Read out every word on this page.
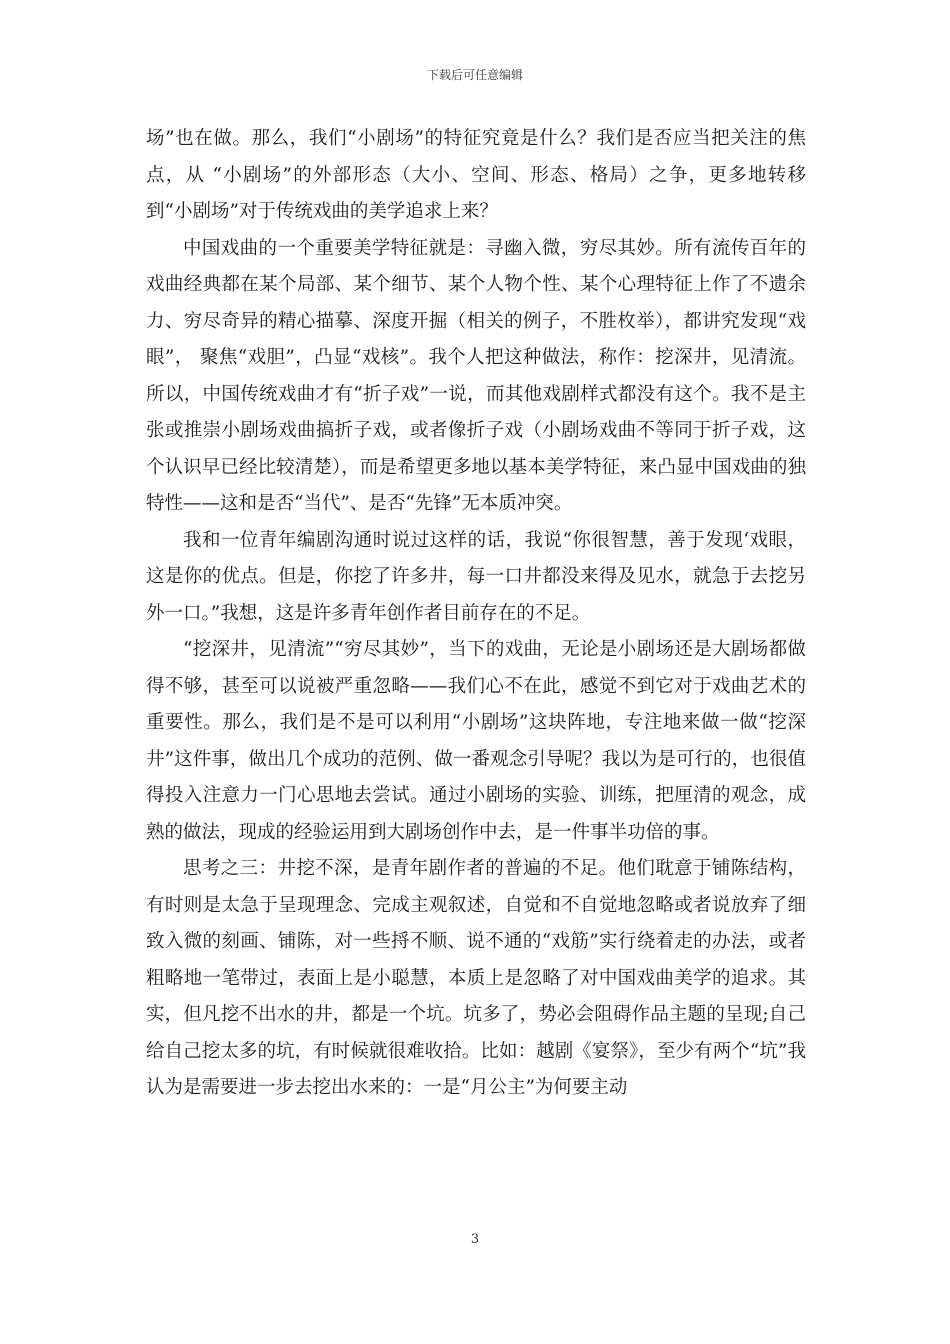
下载后可任意编辑

场”也在做。那么，我们“小剧场”的特征究竟是什么？我们是否应当把关注的焦点，从 “小剧场”的外部形态（大小、空间、形态、格局）之争，更多地转移到“小剧场”对于传统戏曲的美学追求上来？

中国戏曲的一个重要美学特征就是：寻幽入微，穷尽其妙。所有流传百年的戏曲经典都在某个局部、某个细节、某个人物个性、某个心理特征上作了不遗余力、穷尽奇异的精心描摹、深度开掘（相关的例子，不胜枚举），都讲究发现“戏眼”， 聚焦“戏胆”，凸显“戏核”。我个人把这种做法，称作：挖深井，见清流。所以，中国传统戏曲才有“折子戏”一说，而其他戏剧样式都没有这个。我不是主张或推崇小剧场戏曲搞折子戏，或者像折子戏（小剧场戏曲不等同于折子戏，这个认识早已经比较清楚），而是希望更多地以基本美学特征，来凸显中国戏曲的独特性——这和是否“当代”、是否“先锋”无本质冲突。

我和一位青年编剧沟通时说过这样的话，我说“你很智慧，善于发现‘戏眼，这是你的优点。但是，你挖了许多井，每一口井都没来得及见水，就急于去挖另外一口。”我想，这是许多青年创作者目前存在的不足。

“挖深井，见清流”“穷尽其妙”，当下的戏曲，无论是小剧场还是大剧场都做得不够，甚至可以说被严重忽略——我们心不在此，感觉不到它对于戏曲艺术的重要性。那么，我们是不是可以利用“小剧场”这块阵地，专注地来做一做“挖深井”这件事，做出几个成功的范例、做一番观念引导呢？我以为是可行的，也很值得投入注意力一门心思地去尝试。通过小剧场的实验、训练，把厘清的观念，成熟的做法，现成的经验运用到大剧场创作中去，是一件事半功倍的事。

思考之三：井挖不深，是青年剧作者的普遍的不足。他们耽意于铺陈结构，有时则是太急于呈现理念、完成主观叙述，自觉和不自觉地忽略或者说放弃了细致入微的刻画、铺陈，对一些捋不顺、说不通的“戏筋”实行绕着走的办法，或者粗略地一笔带过，表面上是小聪慧，本质上是忽略了对中国戏曲美学的追求。其实，但凡挖不出水的井，都是一个坑。坑多了，势必会阻碍作品主题的呈现;自己给自己挖太多的坑，有时候就很难收拾。比如：越剧《宴祭》，至少有两个“坑”我认为是需要进一步去挖出水来的：一是“月公主”为何要主动

3
